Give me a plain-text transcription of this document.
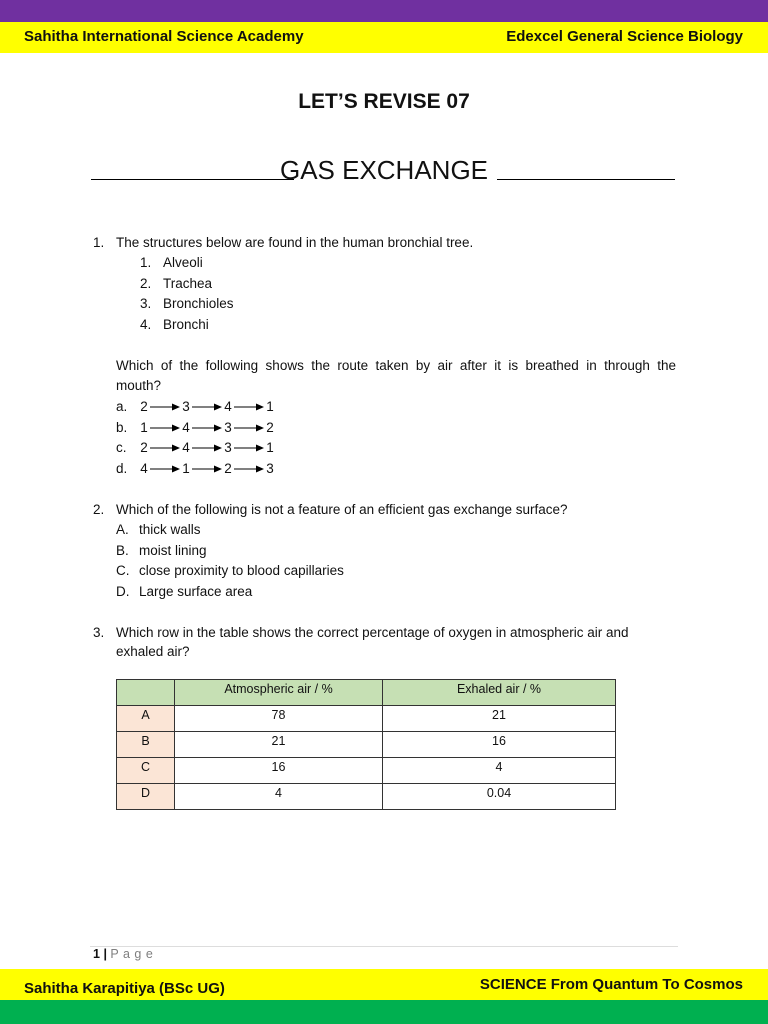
Sahitha International Science Academy	Edexcel General Science Biology
LET’S REVISE 07
GAS EXCHANGE
1. The structures below are found in the human bronchial tree.
1. Alveoli
2. Trachea
3. Bronchioles
4. Bronchi
Which of the following shows the route taken by air after it is breathed in through the
mouth?
a. 2	3	4	1
b. 1	4	3	2
c. 2	4	3	1
d. 4	1	2	3
2. Which of the following is not a feature of an efficient gas exchange surface?
A. thick walls
B. moist lining
C. close proximity to blood capillaries
D. Large surface area
3. Which row in the table shows the correct percentage of oxygen in atmospheric air and
exhaled air?
	Atmospheric air / %	Exhaled air / %
A	78	21
B	21	16
C	16	4
D	4	0.04
1 | P a g e
Sahitha Karapitiya (BSc UG)	SCIENCE From Quantum To Cosmos
